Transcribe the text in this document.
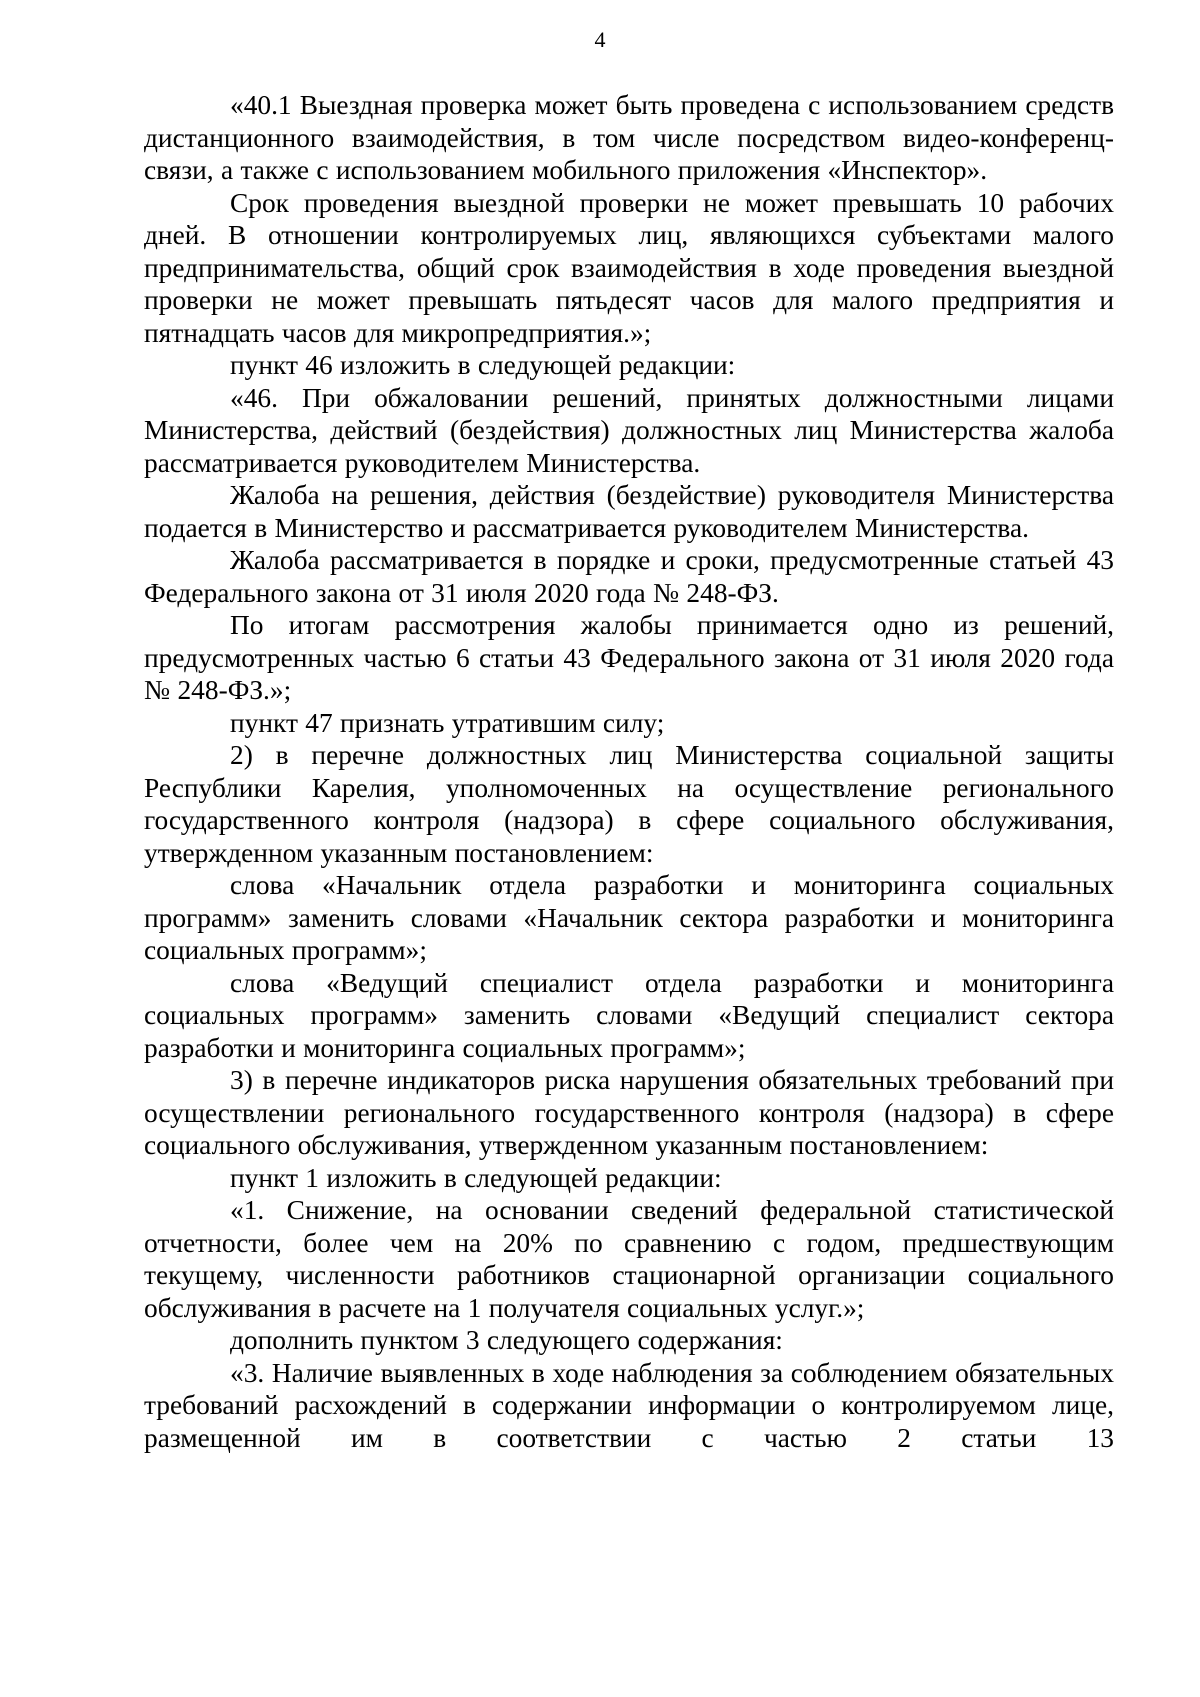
4

«40.1 Выездная проверка может быть проведена с использованием средств дистанционного взаимодействия, в том числе посредством видео-конференц-связи, а также с использованием мобильного приложения «Инспектор».

Срок проведения выездной проверки не может превышать 10 рабочих дней. В отношении контролируемых лиц, являющихся субъектами малого предпринимательства, общий срок взаимодействия в ходе проведения выездной проверки не может превышать пятьдесят часов для малого предприятия и пятнадцать часов для микропредприятия.»;

пункт 46 изложить в следующей редакции:

«46. При обжаловании решений, принятых должностными лицами Министерства, действий (бездействия) должностных лиц Министерства жалоба рассматривается руководителем Министерства.

Жалоба на решения, действия (бездействие) руководителя Министерства подается в Министерство и рассматривается руководителем Министерства.

Жалоба рассматривается в порядке и сроки, предусмотренные статьей 43 Федерального закона от 31 июля 2020 года № 248-ФЗ.

По итогам рассмотрения жалобы принимается одно из решений, предусмотренных частью 6 статьи 43 Федерального закона от 31 июля 2020 года № 248-ФЗ.»;

пункт 47 признать утратившим силу;

2) в перечне должностных лиц Министерства социальной защиты Республики Карелия, уполномоченных на осуществление регионального государственного контроля (надзора) в сфере социального обслуживания, утвержденном указанным постановлением:

слова «Начальник отдела разработки и мониторинга социальных программ» заменить словами «Начальник сектора разработки и мониторинга социальных программ»;

слова «Ведущий специалист отдела разработки и мониторинга социальных программ» заменить словами «Ведущий специалист сектора разработки и мониторинга социальных программ»;

3) в перечне индикаторов риска нарушения обязательных требований при осуществлении регионального государственного контроля (надзора) в сфере социального обслуживания, утвержденном указанным постановлением:

пункт 1 изложить в следующей редакции:

«1. Снижение, на основании сведений федеральной статистической отчетности, более чем на 20% по сравнению с годом, предшествующим текущему, численности работников стационарной организации социального обслуживания в расчете на 1 получателя социальных услуг.»;

дополнить пунктом 3 следующего содержания:

«3. Наличие выявленных в ходе наблюдения за соблюдением обязательных требований расхождений в содержании информации о контролируемом лице, размещенной им в соответствии с частью 2 статьи 13
